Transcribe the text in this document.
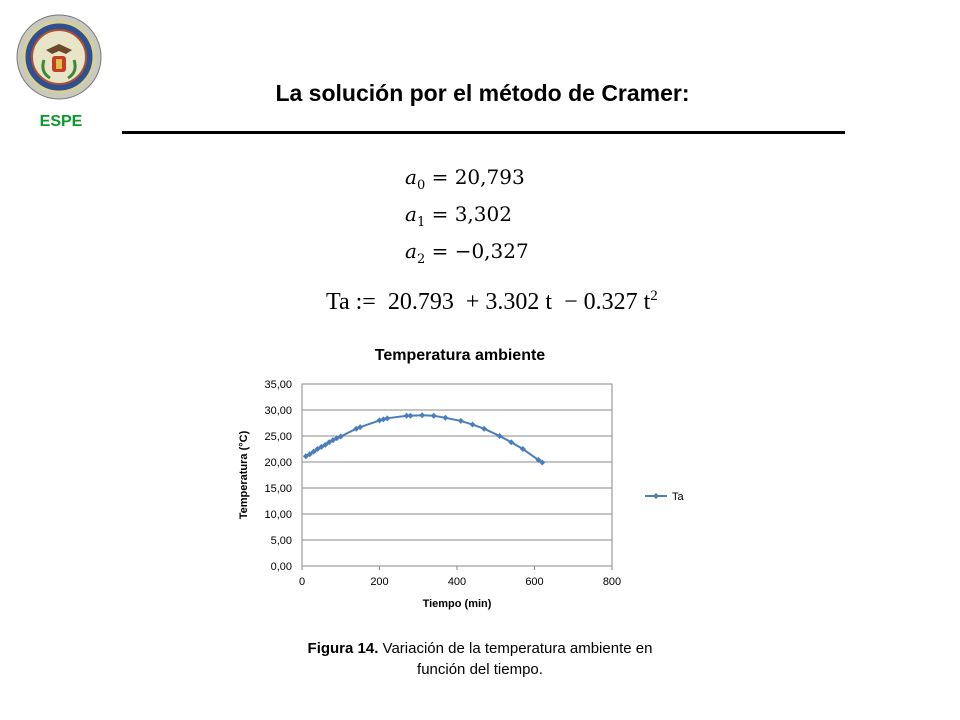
ESPE
La solución por el método de Cramer:
$a_0 = 20,793$
$a_1 = 3,302$
$a_2 = -0,327$
Ta := 20.793 + 3.302 t − 0.327 $t^2$
Temperatura ambiente
0,00
5,00
10,00
15,00
20,00
25,00
30,00
35,00
0	200	400	600	800
Tiempo (min)
Temperatura (°C)	Ta
Figura 14. Variación de la temperatura ambiente en
función del tiempo.
